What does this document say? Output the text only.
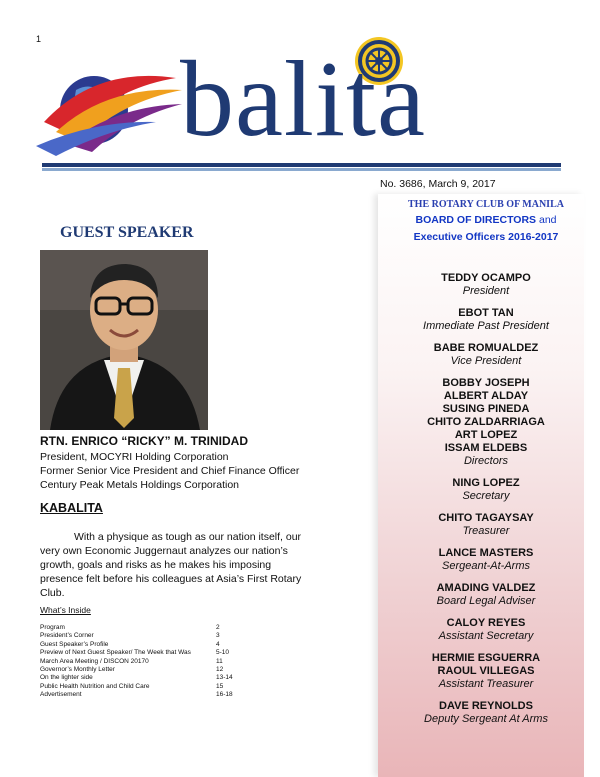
1
balita
No. 3686, March 9, 2017
THE ROTARY CLUB OF MANILA
BOARD OF DIRECTORS and
Executive Officers 2016-2017
TEDDY OCAMPO
President
EBOT TAN
Immediate Past President
BABE ROMUALDEZ
Vice President
BOBBY JOSEPH
ALBERT ALDAY
SUSING PINEDA
CHITO ZALDARRIAGA
ART LOPEZ
ISSAM ELDEBS
Directors
NING LOPEZ
Secretary
CHITO TAGAYSAY
Treasurer
LANCE MASTERS
Sergeant-At-Arms
AMADING VALDEZ
Board Legal Adviser
CALOY REYES
Assistant Secretary
HERMIE ESGUERRA
RAOUL VILLEGAS
Assistant Treasurer
DAVE REYNOLDS
Deputy Sergeant At Arms
GUEST SPEAKER
RTN. ENRICO “RICKY” M. TRINIDAD
President, MOCYRI Holding Corporation
Former Senior Vice President and Chief Finance Officer
Century Peak Metals Holdings Corporation
KABALITA

With a physique as tough as our nation itself, our very own Economic Juggernaut analyzes our nation’s growth, goals and risks as he makes his imposing presence felt before his colleagues at Asia’s First Rotary Club.

What’s Inside
Program	2
President’s Corner	3
Guest Speaker’s Profile	4
Preview of Next Guest Speaker/ The Week that Was	5-10
March Area Meeting / DISCON 20170	11
Governor’s Monthly Letter	12
On the lighter side	13-14
Public Health Nutrition and Child Care	15
Advertisement	16-18
